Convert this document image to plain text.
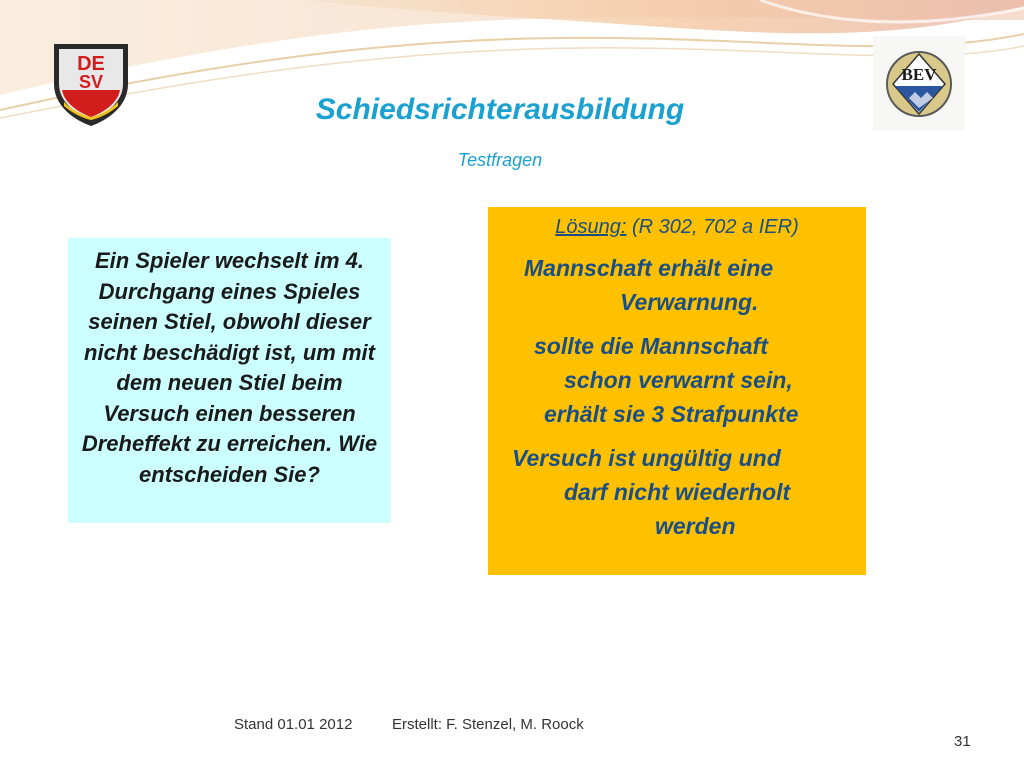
DE
SV	BEV
Schiedsrichterausbildung
Testfragen
Ein Spieler wechselt im 4. Durchgang eines Spieles seinen Stiel, obwohl dieser nicht beschädigt ist, um mit dem neuen Stiel beim Versuch einen besseren Dreheffekt zu erreichen. Wie entscheiden Sie?

Lösung: (R 302, 702 a IER)

Mannschaft erhält eine
Verwarnung.

sollte die Mannschaft
schon verwarnt sein,
erhält sie 3 Strafpunkte

Versuch ist ungültig und
darf nicht wiederholt
werden

Stand 01.01 2012	Erstellt: F. Stenzel, M. Roock
31
